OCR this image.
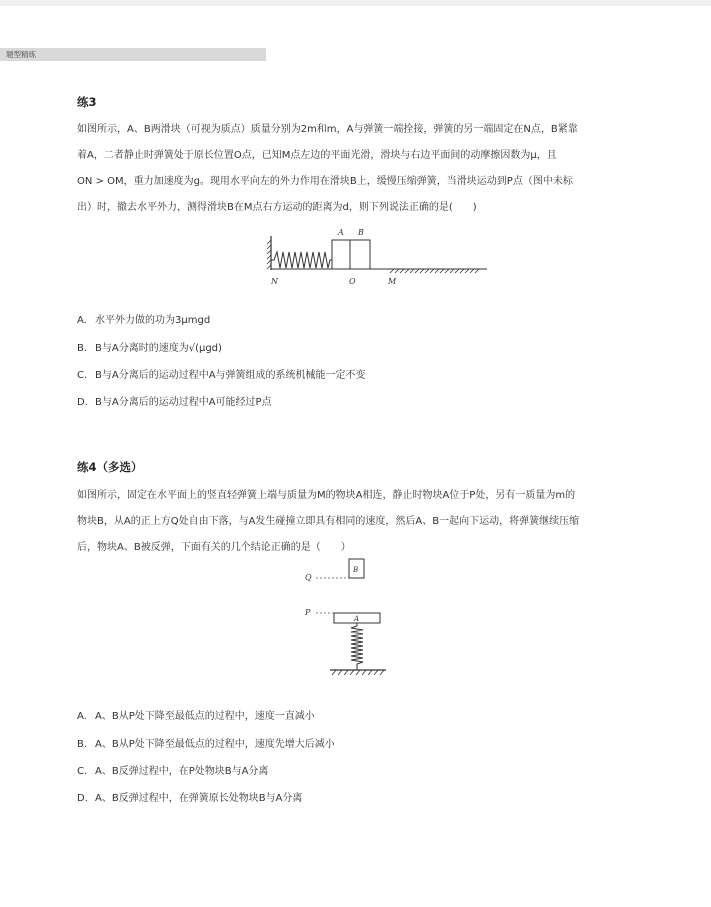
题型精练
练3
如图所示，A、B两滑块（可视为质点）质量分别为2m和m，A与弹簧一端拴接，弹簧的另一端固定在N点，B紧靠
着A，二者静止时弹簧处于原长位置O点，已知M点左边的平面光滑，滑块与右边平面间的动摩擦因数为μ，且
ON > OM，重力加速度为g。现用水平向左的外力作用在滑块B上，缓慢压缩弹簧，当滑块运动到P点（图中未标
出）时，撤去水平外力，测得滑块B在M点右方运动的距离为d，则下列说法正确的是(　　)
A B
N	O	M
A. 水平外力做的功为3μmgd
B. B与A分离时的速度为√(μgd)
C. B与A分离后的运动过程中A与弹簧组成的系统机械能一定不变
D. B与A分离后的运动过程中A可能经过P点
练4（多选）
如图所示，固定在水平面上的竖直轻弹簧上端与质量为M的物块A相连，静止时物块A位于P处，另有一质量为m的
物块B，从A的正上方Q处自由下落，与A发生碰撞立即具有相同的速度，然后A、B一起向下运动，将弹簧继续压缩
后，物块A、B被反弹，下面有关的几个结论正确的是（　　）
B
Q
P
A
A. A、B从P处下降至最低点的过程中，速度一直减小
B. A、B从P处下降至最低点的过程中，速度先增大后减小
C. A、B反弹过程中，在P处物块B与A分离
D. A、B反弹过程中，在弹簧原长处物块B与A分离
